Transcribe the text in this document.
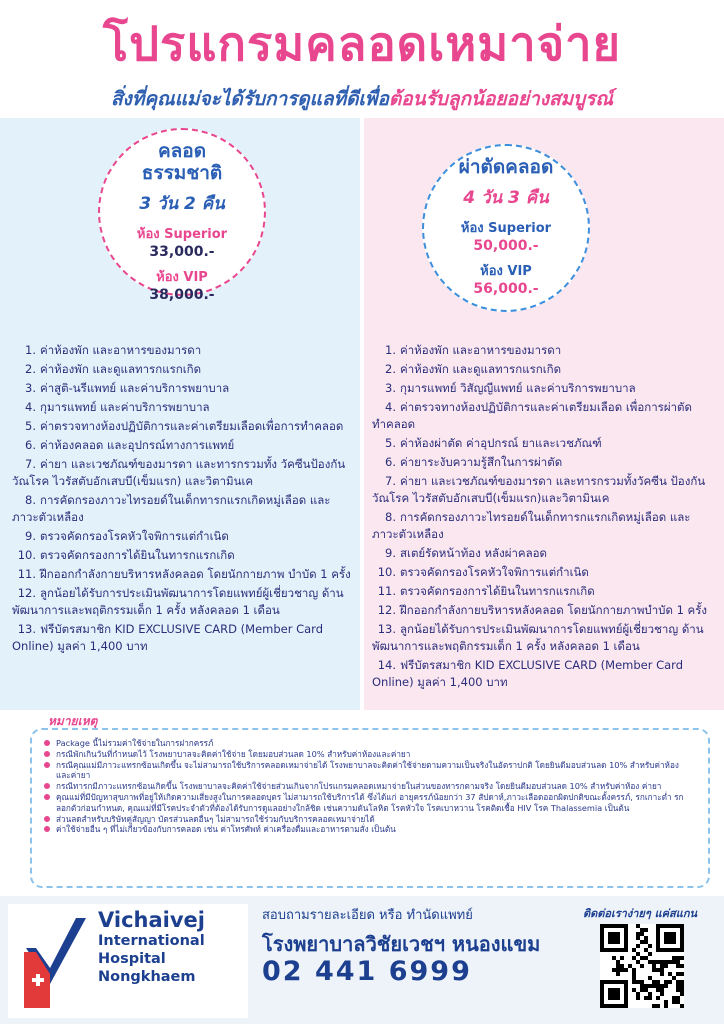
โปรแกรมคลอดเหมาจ่าย
สิ่งที่คุณแม่จะได้รับการดูแลที่ดีเพื่อต้อนรับลูกน้อยอย่างสมบูรณ์
คลอด
ธรรมชาติ
3 วัน 2 คืน
ห้อง Superior
33,000.-
ห้อง VIP
38,000.-
ผ่าตัดคลอด
4 วัน 3 คืน
ห้อง Superior
50,000.-
ห้อง VIP
56,000.-
1. ค่าห้องพัก และอาหารของมารดา
2. ค่าห้องพัก และดูแลทารกแรกเกิด
3. ค่าสูติ-นรีแพทย์ และค่าบริการพยาบาล
4. กุมารแพทย์ และค่าบริการพยาบาล
5. ค่าตรวจทางห้องปฏิบัติการและค่าเตรียมเลือดเพื่อการทำคลอด
6. ค่าห้องคลอด และอุปกรณ์ทางการแพทย์
7. ค่ายา และเวชภัณฑ์ของมารดา และทารกรวมทั้ง วัคซีนป้องกันวัณโรค ไวรัสตับอักเสบบี(เข็มแรก) และวิตามินเค
8. การคัดกรองภาวะไทรอยด์ในเด็กทารกแรกเกิดหมู่เลือด และภาวะตัวเหลือง
9. ตรวจคัดกรองโรคหัวใจพิการแต่กำเนิด
10. ตรวจคัดกรองการได้ยินในทารกแรกเกิด
11. ฝึกออกกำลังกายบริหารหลังคลอด โดยนักกายภาพ บำบัด 1 ครั้ง
12. ลูกน้อยได้รับการประเมินพัฒนาการโดยแพทย์ผู้เชี่ยวชาญ ด้านพัฒนาการและพฤติกรรมเด็ก 1 ครั้ง หลังคลอด 1 เดือน
13. ฟรีบัตรสมาชิก KID EXCLUSIVE CARD (Member Card Online) มูลค่า 1,400 บาท
1. ค่าห้องพัก และอาหารของมารดา
2. ค่าห้องพัก และดูแลทารกแรกเกิด
3. กุมารแพทย์ วิสัญญีแพทย์ และค่าบริการพยาบาล
4. ค่าตรวจทางห้องปฏิบัติการและค่าเตรียมเลือด เพื่อการผ่าตัดทำคลอด
5. ค่าห้องผ่าตัด ค่าอุปกรณ์ ยาและเวชภัณฑ์
6. ค่ายาระงับความรู้สึกในการผ่าตัด
7. ค่ายา และเวชภัณฑ์ของมารดา และทารกรวมทั้งวัคซีน ป้องกันวัณโรค ไวรัสตับอักเสบบี(เข็มแรก)และวิตามินเค
8. การคัดกรองภาวะไทรอยด์ในเด็กทารกแรกเกิดหมู่เลือด และภาวะตัวเหลือง
9. สเตย์รัดหน้าท้อง หลังผ่าคลอด
10. ตรวจคัดกรองโรคหัวใจพิการแต่กำเนิด
11. ตรวจคัดกรองการได้ยินในทารกแรกเกิด
12. ฝึกออกกำลังกายบริหารหลังคลอด โดยนักกายภาพบำบัด 1 ครั้ง
13. ลูกน้อยได้รับการประเมินพัฒนาการโดยแพทย์ผู้เชี่ยวชาญ ด้านพัฒนาการและพฤติกรรมเด็ก 1 ครั้ง หลังคลอด 1 เดือน
14. ฟรีบัตรสมาชิก KID EXCLUSIVE CARD (Member Card Online) มูลค่า 1,400 บาท
หมายเหตุ
Package นี้ไม่รวมค่าใช้จ่ายในการฝากครรภ์
กรณีพักเกินวันที่กำหนดไว้ โรงพยาบาลจะคิดค่าใช้จ่าย โดยมอบส่วนลด 10% สำหรับค่าห้องและค่ายา
กรณีคุณแม่มีภาวะแทรกซ้อนเกิดขึ้น จะไม่สามารถใช้บริการคลอดเหมาจ่ายได้ โรงพยาบาลจะคิดค่าใช้จ่ายตามความเป็นจริงในอัตราปกติ โดยยินดีมอบส่วนลด 10% สำหรับค่าห้อง และค่ายา
กรณีทารกมีภาวะแทรกซ้อนเกิดขึ้น โรงพยาบาลจะคิดค่าใช้จ่ายส่วนเกินจากโปรแกรมคลอดเหมาจ่ายในส่วนของทารกตามจริง โดยยินดีมอบส่วนลด 10% สำหรับค่าห้อง ค่ายา
คุณแม่ที่มีปัญหาสุขภาพที่อยู่ให้เกิดความเสี่ยงสูงในการคลอดบุตร ไม่สามารถใช้บริการได้ ซึ่งได้แก่ อายุครรภ์น้อยกว่า 37 สัปดาห์,ภาวะเลือดออกผิดปกติขณะตั้งครรภ์, รกเกาะต่ำ รกลอกตัวก่อนกำหนด, คุณแม่ที่มีโรคประจำตัวที่ต้องได้รับการดูแลอย่างใกล้ชิด เช่นความดันโลหิต โรคหัวใจ โรคเบาหวาน โรคติดเชื้อ HIV โรค Thalassemia เป็นต้น
ส่วนลดสำหรับบริษัทคู่สัญญา บัตรส่วนลดอื่นๆ ไม่สามารถใช้ร่วมกับบริการคลอดเหมาจ่ายได้
ค่าใช้จ่ายอื่น ๆ ที่ไม่เกี่ยวข้องกับการคลอด เช่น ค่าโทรศัพท์ ค่าเครื่องดื่มและอาหารตามสั่ง เป็นต้น
Vichaivej
International
Hospital
Nongkhaem
สอบถามรายละเอียด หรือ ทำนัดแพทย์
โรงพยาบาลวิชัยเวชฯ หนองแขม
02 441 6999
ติดต่อเราง่ายๆ แค่สแกน
